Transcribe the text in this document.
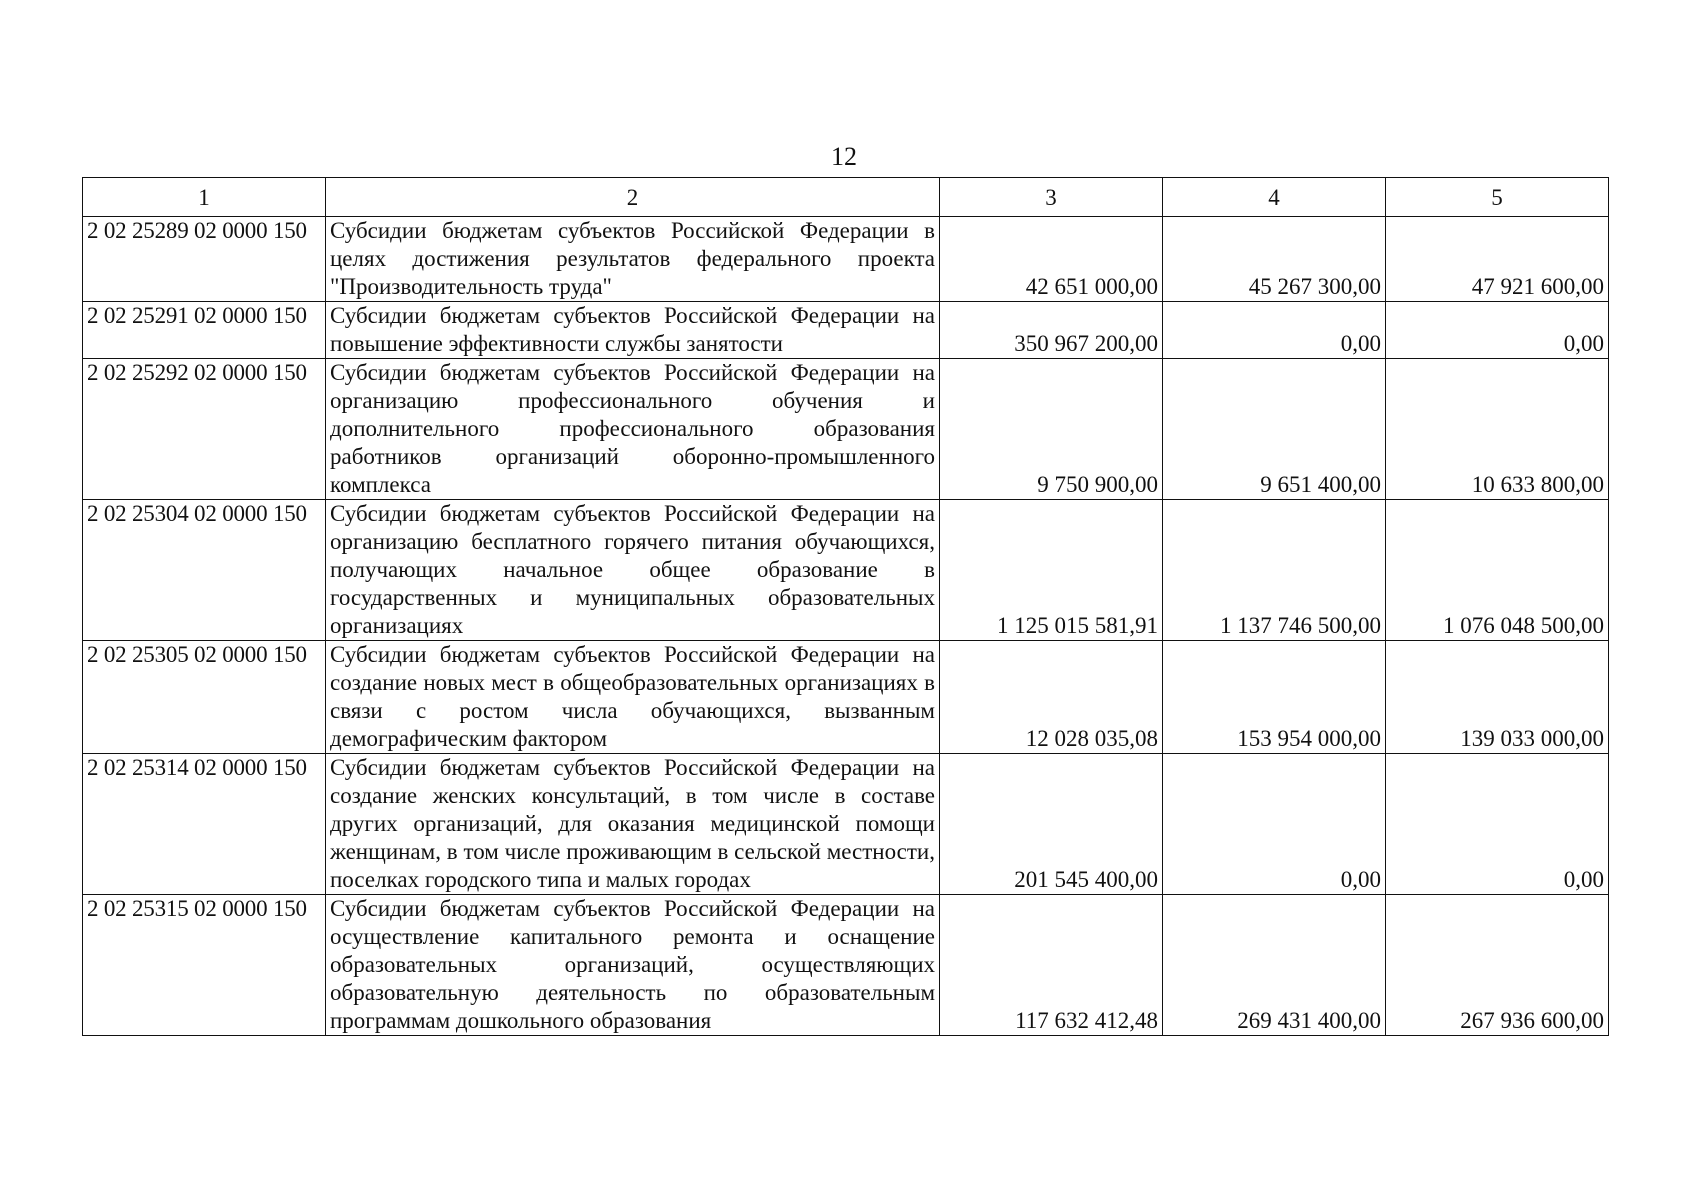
12
1	2	3	4	5
2 02 25289 02 0000 150	Субсидии бюджетам субъектов Российской Федерации в целях достижения результатов федерального проекта "Производительность труда"	42 651 000,00	45 267 300,00	47 921 600,00
2 02 25291 02 0000 150	Субсидии бюджетам субъектов Российской Федерации на повышение эффективности службы занятости	350 967 200,00	0,00	0,00
2 02 25292 02 0000 150	Субсидии бюджетам субъектов Российской Федерации на организацию профессионального обучения и дополнительного профессионального образования работников организаций оборонно-промышленного комплекса	9 750 900,00	9 651 400,00	10 633 800,00
2 02 25304 02 0000 150	Субсидии бюджетам субъектов Российской Федерации на организацию бесплатного горячего питания обучающихся, получающих начальное общее образование в государственных и муниципальных образовательных организациях	1 125 015 581,91	1 137 746 500,00	1 076 048 500,00
2 02 25305 02 0000 150	Субсидии бюджетам субъектов Российской Федерации на создание новых мест в общеобразовательных организациях в связи с ростом числа обучающихся, вызванным демографическим фактором	12 028 035,08	153 954 000,00	139 033 000,00
2 02 25314 02 0000 150	Субсидии бюджетам субъектов Российской Федерации на создание женских консультаций, в том числе в составе других организаций, для оказания медицинской помощи женщинам, в том числе проживающим в сельской местности, поселках городского типа и малых городах	201 545 400,00	0,00	0,00
2 02 25315 02 0000 150	Субсидии бюджетам субъектов Российской Федерации на осуществление капитального ремонта и оснащение образовательных организаций, осуществляющих образовательную деятельность по образовательным программам дошкольного образования	117 632 412,48	269 431 400,00	267 936 600,00
